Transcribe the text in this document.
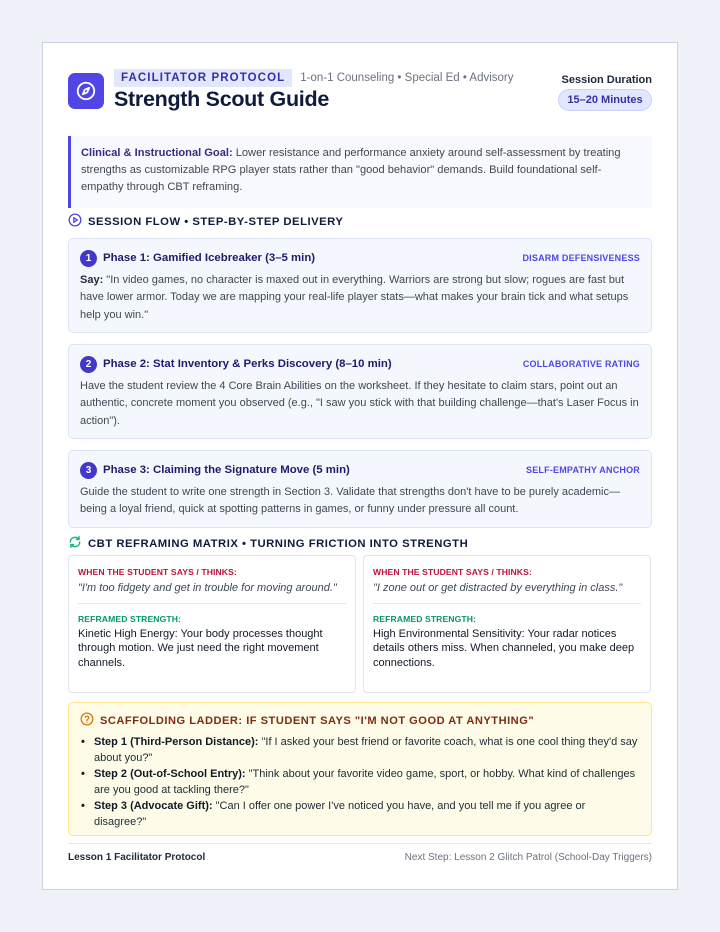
FACILITATOR PROTOCOL	1-on-1 Counseling • Special Ed • Advisory
Strength Scout Guide
Session Duration
15–20 Minutes
Clinical & Instructional Goal: Lower resistance and performance anxiety around self-assessment by treating strengths as customizable RPG player stats rather than "good behavior" demands. Build foundational self-empathy through CBT reframing.
SESSION FLOW • STEP-BY-STEP DELIVERY
1	Phase 1: Gamified Icebreaker (3–5 min)	DISARM DEFENSIVENESS
Say: "In video games, no character is maxed out in everything. Warriors are strong but slow; rogues are fast but have lower armor. Today we are mapping your real-life player stats—what makes your brain tick and what setups help you win."
2	Phase 2: Stat Inventory & Perks Discovery (8–10 min)	COLLABORATIVE RATING
Have the student review the 4 Core Brain Abilities on the worksheet. If they hesitate to claim stars, point out an authentic, concrete moment you observed (e.g., "I saw you stick with that building challenge—that's Laser Focus in action").
3	Phase 3: Claiming the Signature Move (5 min)	SELF-EMPATHY ANCHOR
Guide the student to write one strength in Section 3. Validate that strengths don't have to be purely academic—being a loyal friend, quick at spotting patterns in games, or funny under pressure all count.
CBT REFRAMING MATRIX • TURNING FRICTION INTO STRENGTH
WHEN THE STUDENT SAYS / THINKS:
"I'm too fidgety and get in trouble for moving around."
REFRAMED STRENGTH:
Kinetic High Energy: Your body processes thought through motion. We just need the right movement channels.
WHEN THE STUDENT SAYS / THINKS:
"I zone out or get distracted by everything in class."
REFRAMED STRENGTH:
High Environmental Sensitivity: Your radar notices details others miss. When channeled, you make deep connections.
SCAFFOLDING LADDER: IF STUDENT SAYS "I'M NOT GOOD AT ANYTHING"
• Step 1 (Third-Person Distance): "If I asked your best friend or favorite coach, what is one cool thing they'd say about you?"
• Step 2 (Out-of-School Entry): "Think about your favorite video game, sport, or hobby. What kind of challenges are you good at tackling there?"
• Step 3 (Advocate Gift): "Can I offer one power I've noticed you have, and you tell me if you agree or disagree?"
Lesson 1 Facilitator Protocol	Next Step: Lesson 2 Glitch Patrol (School-Day Triggers)
